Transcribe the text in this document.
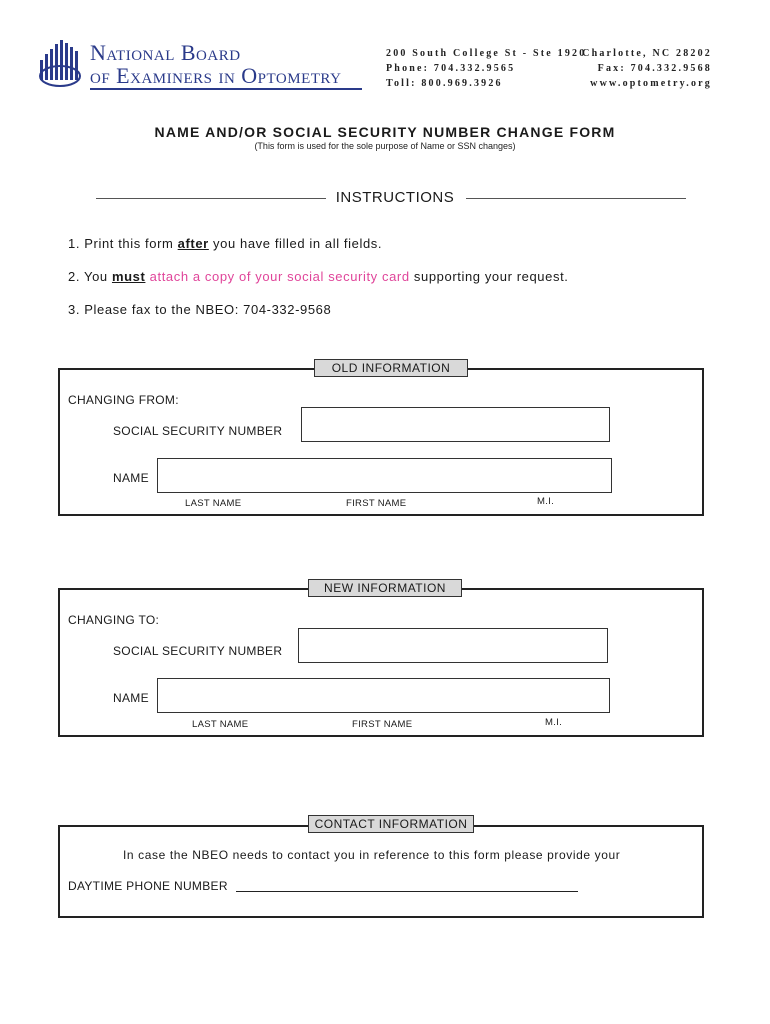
National Board
of Examiners in Optometry
200 South College St - Ste 1920
Phone: 704.332.9565
Toll: 800.969.3926
Charlotte, NC 28202
Fax: 704.332.9568
www.optometry.org
NAME AND/OR SOCIAL SECURITY NUMBER CHANGE FORM
(This form is used for the sole purpose of Name or SSN changes)
INSTRUCTIONS
1. Print this form after you have filled in all fields.
2. You must attach a copy of your social security card supporting your request.
3. Please fax to the NBEO: 704-332-9568
OLD INFORMATION
CHANGING FROM:
SOCIAL SECURITY NUMBER
NAME
LAST NAME	FIRST NAME	M.I.
NEW INFORMATION
CHANGING TO:
SOCIAL SECURITY NUMBER
NAME
LAST NAME	FIRST NAME	M.I.
CONTACT INFORMATION
In case the NBEO needs to contact you in reference to this form please provide your
DAYTIME PHONE NUMBER
